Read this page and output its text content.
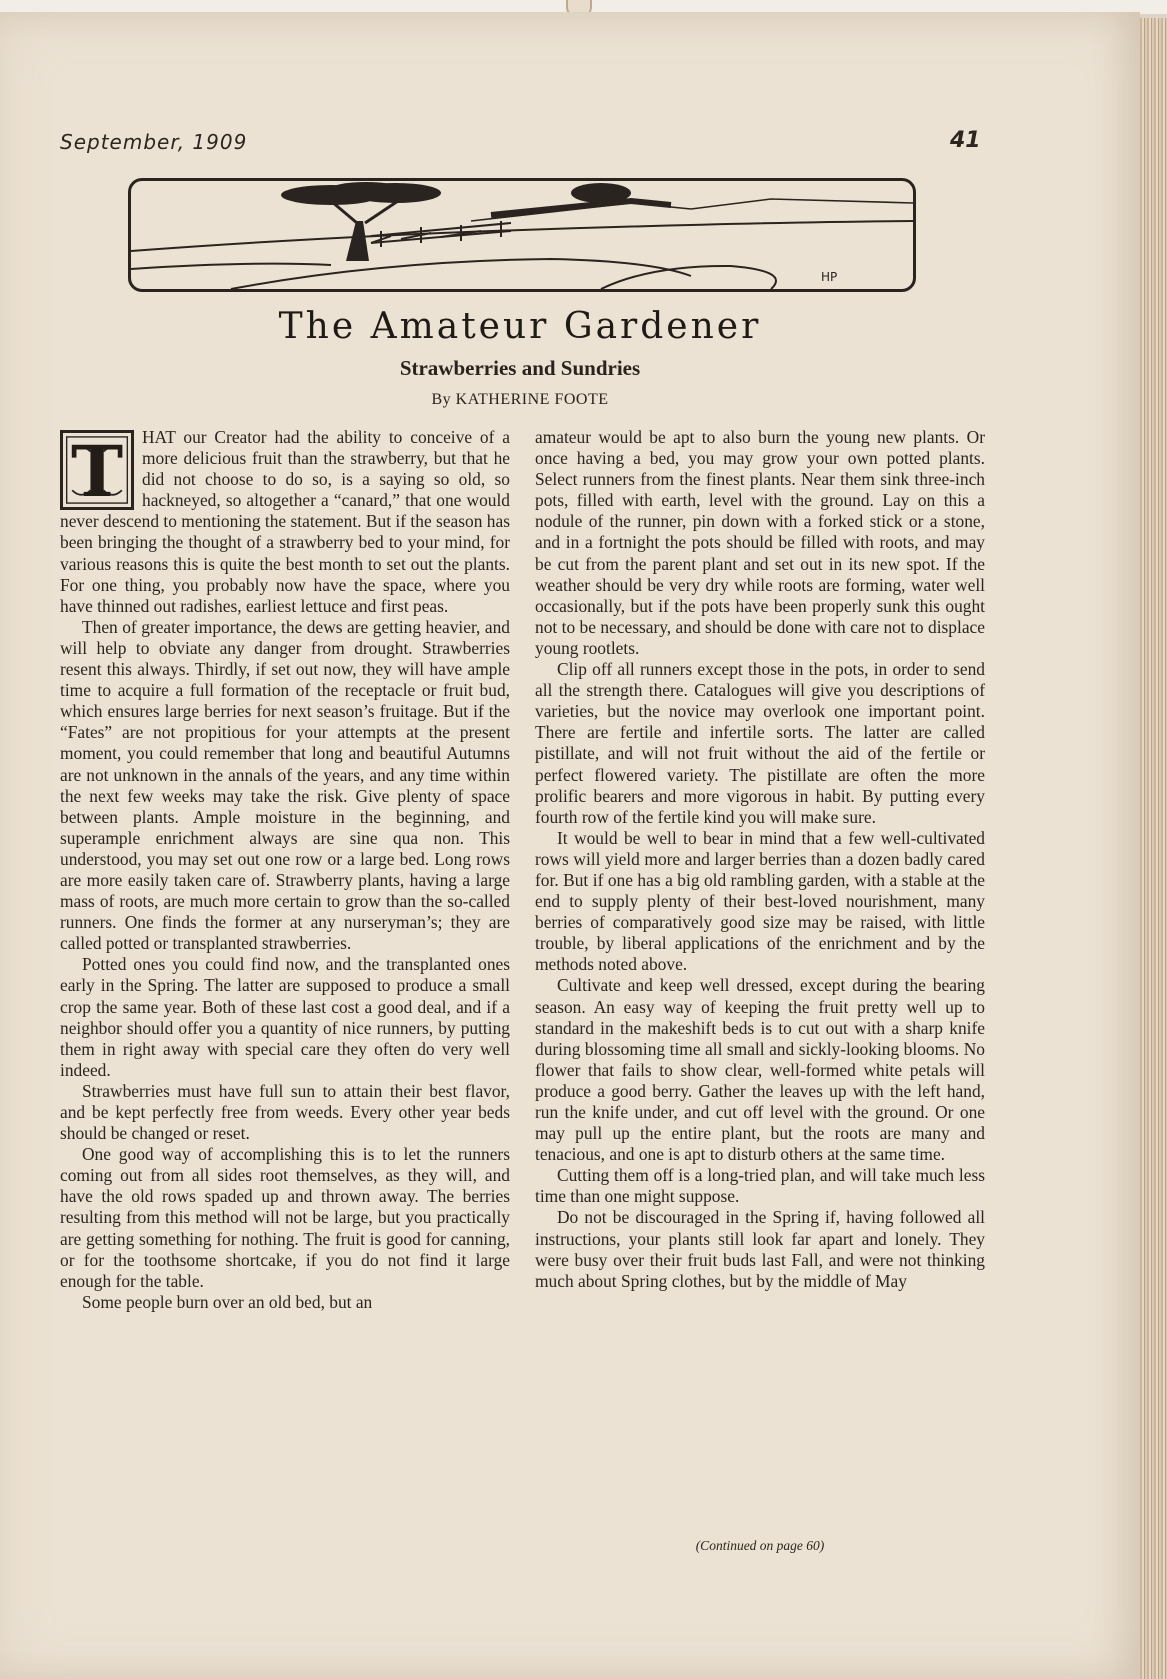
September, 1909	41
HP
The Amateur Gardener
Strawberries and Sundries
By KATHERINE FOOTE
T	HAT our Creator had the ability to conceive of a more delicious fruit than the strawberry, but that he did not choose to do so, is a saying so old, so hackneyed, so altogether a “canard,” that one would never descend to mentioning the statement. But if the season has been bringing the thought of a strawberry bed to your mind, for various reasons this is quite the best month to set out the plants. For one thing, you probably now have the space, where you have thinned out radishes, earliest lettuce and first peas.

Then of greater importance, the dews are getting heavier, and will help to obviate any danger from drought. Strawberries resent this always. Thirdly, if set out now, they will have ample time to acquire a full formation of the receptacle or fruit bud, which ensures large berries for next season’s fruitage. But if the “Fates” are not propitious for your attempts at the present moment, you could remember that long and beautiful Autumns are not unknown in the annals of the years, and any time within the next few weeks may take the risk. Give plenty of space between plants. Ample moisture in the beginning, and superample enrichment always are sine qua non. This understood, you may set out one row or a large bed. Long rows are more easily taken care of. Strawberry plants, having a large mass of roots, are much more certain to grow than the so-called runners. One finds the former at any nurseryman’s; they are called potted or transplanted strawberries.

Potted ones you could find now, and the transplanted ones early in the Spring. The latter are supposed to produce a small crop the same year. Both of these last cost a good deal, and if a neighbor should offer you a quantity of nice runners, by putting them in right away with special care they often do very well indeed.

Strawberries must have full sun to attain their best flavor, and be kept perfectly free from weeds. Every other year beds should be changed or reset.

One good way of accomplishing this is to let the runners coming out from all sides root themselves, as they will, and have the old rows spaded up and thrown away. The berries resulting from this method will not be large, but you practically are getting something for nothing. The fruit is good for canning, or for the toothsome shortcake, if you do not find it large enough for the table.

Some people burn over an old bed, but an

amateur would be apt to also burn the young new plants. Or once having a bed, you may grow your own potted plants. Select runners from the finest plants. Near them sink three-inch pots, filled with earth, level with the ground. Lay on this a nodule of the runner, pin down with a forked stick or a stone, and in a fortnight the pots should be filled with roots, and may be cut from the parent plant and set out in its new spot. If the weather should be very dry while roots are forming, water well occasionally, but if the pots have been properly sunk this ought not to be necessary, and should be done with care not to displace young rootlets.

Clip off all runners except those in the pots, in order to send all the strength there. Catalogues will give you descriptions of varieties, but the novice may overlook one important point. There are fertile and infertile sorts. The latter are called pistillate, and will not fruit without the aid of the fertile or perfect flowered variety. The pistillate are often the more prolific bearers and more vigorous in habit. By putting every fourth row of the fertile kind you will make sure.

It would be well to bear in mind that a few well-cultivated rows will yield more and larger berries than a dozen badly cared for. But if one has a big old rambling garden, with a stable at the end to supply plenty of their best-loved nourishment, many berries of comparatively good size may be raised, with little trouble, by liberal applications of the enrichment and by the methods noted above.

Cultivate and keep well dressed, except during the bearing season. An easy way of keeping the fruit pretty well up to standard in the makeshift beds is to cut out with a sharp knife during blossoming time all small and sickly-looking blooms. No flower that fails to show clear, well-formed white petals will produce a good berry. Gather the leaves up with the left hand, run the knife under, and cut off level with the ground. Or one may pull up the entire plant, but the roots are many and tenacious, and one is apt to disturb others at the same time.

Cutting them off is a long-tried plan, and will take much less time than one might suppose.

Do not be discouraged in the Spring if, having followed all instructions, your plants still look far apart and lonely. They were busy over their fruit buds last Fall, and were not thinking much about Spring clothes, but by the middle of May

(Continued on page 60)
